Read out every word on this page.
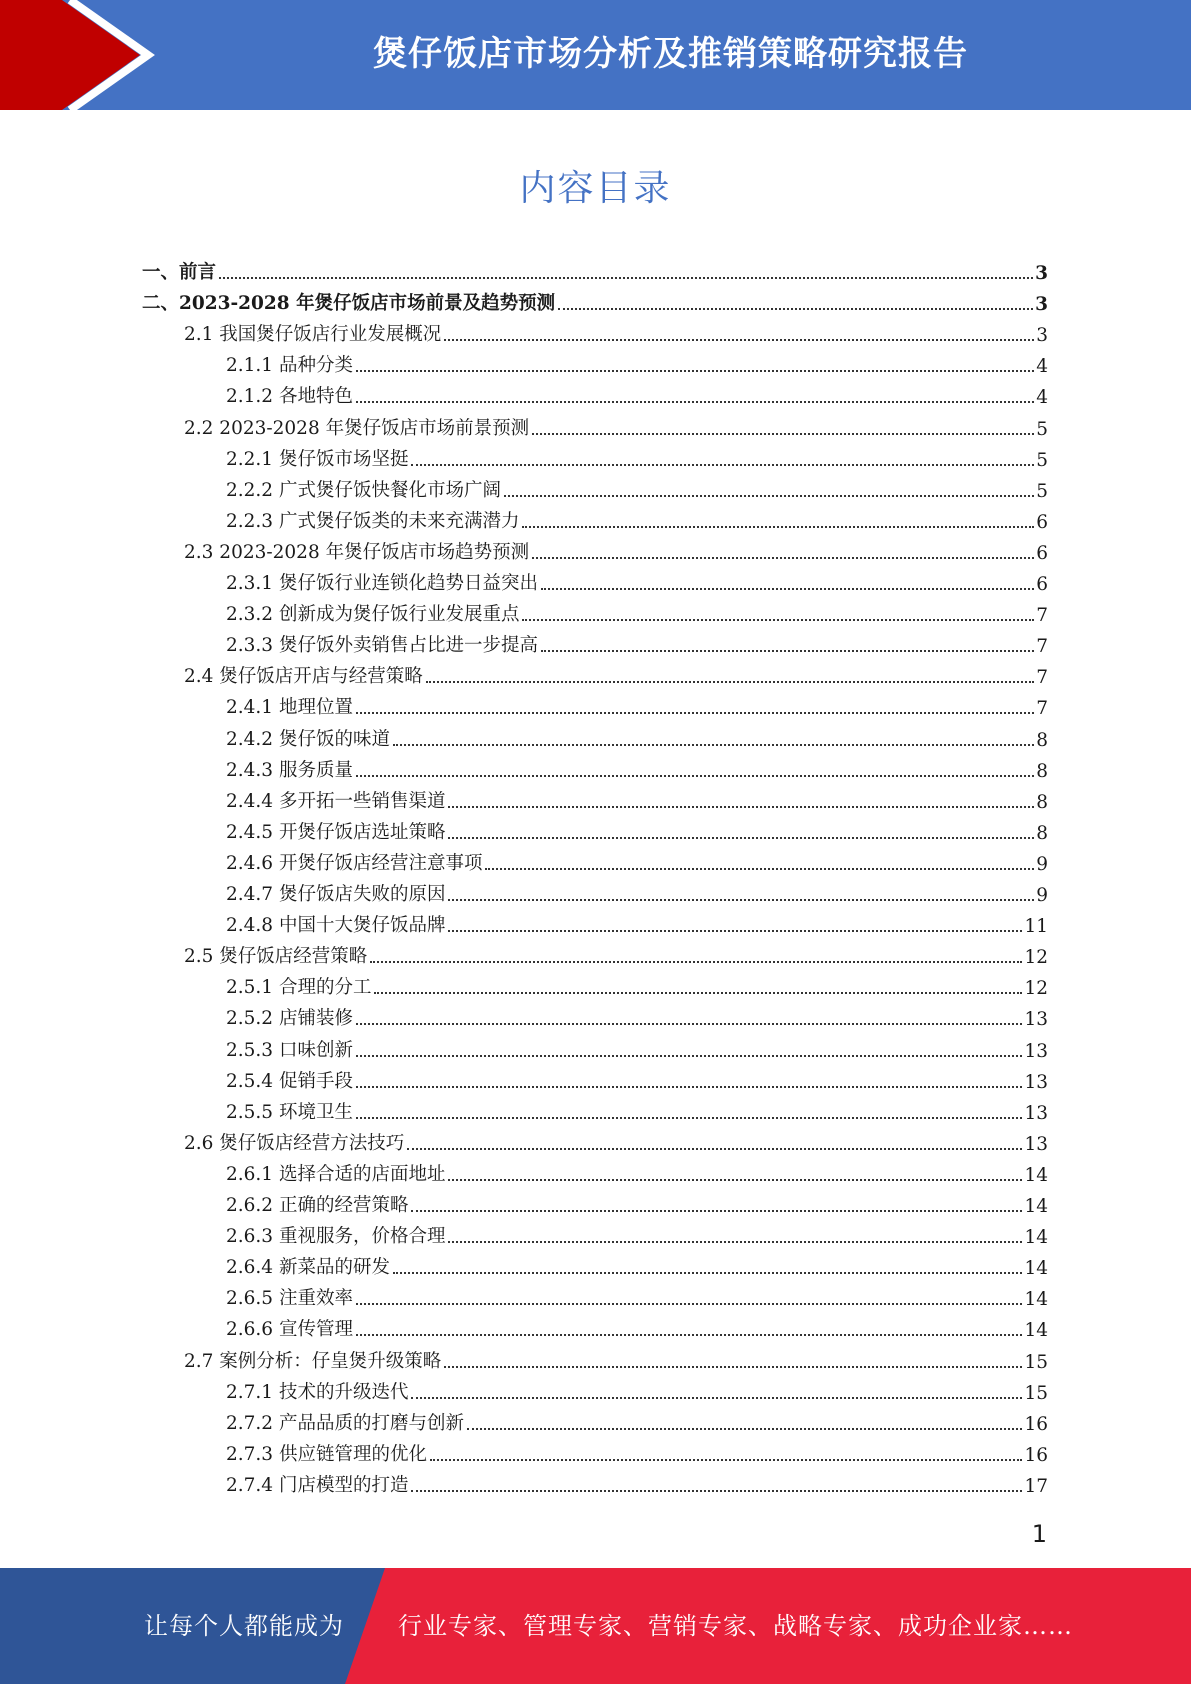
煲仔饭店市场分析及推销策略研究报告
内容目录
一、前言	3
二、2023-2028 年煲仔饭店市场前景及趋势预测	3
2.1 我国煲仔饭店行业发展概况	3
2.1.1 品种分类	4
2.1.2 各地特色	4
2.2 2023-2028 年煲仔饭店市场前景预测	5
2.2.1 煲仔饭市场坚挺	5
2.2.2 广式煲仔饭快餐化市场广阔	5
2.2.3 广式煲仔饭类的未来充满潜力	6
2.3 2023-2028 年煲仔饭店市场趋势预测	6
2.3.1 煲仔饭行业连锁化趋势日益突出	6
2.3.2 创新成为煲仔饭行业发展重点	7
2.3.3 煲仔饭外卖销售占比进一步提高	7
2.4 煲仔饭店开店与经营策略	7
2.4.1 地理位置	7
2.4.2 煲仔饭的味道	8
2.4.3 服务质量	8
2.4.4 多开拓一些销售渠道	8
2.4.5 开煲仔饭店选址策略	8
2.4.6 开煲仔饭店经营注意事项	9
2.4.7 煲仔饭店失败的原因	9
2.4.8 中国十大煲仔饭品牌	11
2.5 煲仔饭店经营策略	12
2.5.1 合理的分工	12
2.5.2 店铺装修	13
2.5.3 口味创新	13
2.5.4 促销手段	13
2.5.5 环境卫生	13
2.6 煲仔饭店经营方法技巧	13
2.6.1 选择合适的店面地址	14
2.6.2 正确的经营策略	14
2.6.3 重视服务，价格合理	14
2.6.4 新菜品的研发	14
2.6.5 注重效率	14
2.6.6 宣传管理	14
2.7 案例分析：仔皇煲升级策略	15
2.7.1 技术的升级迭代	15
2.7.2 产品品质的打磨与创新	16
2.7.3 供应链管理的优化	16
2.7.4 门店模型的打造	17
1
让每个人都能成为 行业专家、管理专家、营销专家、战略专家、成功企业家……
